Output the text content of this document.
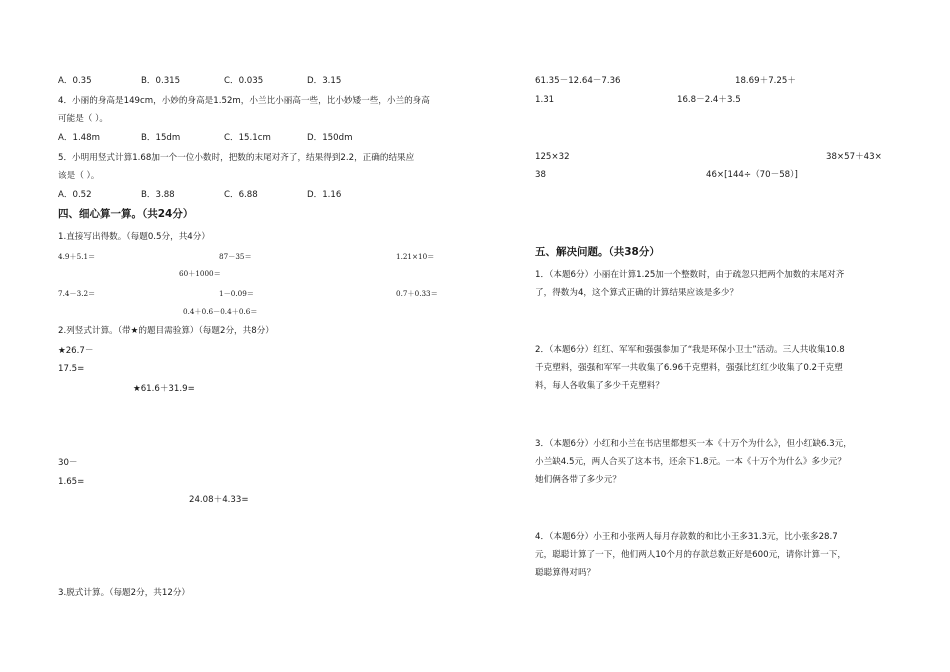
A．0.35	B．0.315	C．0.035	D．3.15
4．小丽的身高是149cm，小妙的身高是1.52m，小兰比小丽高一些，比小妙矮一些，小兰的身高
可能是（ ）。
A．1.48m	B．15dm	C．15.1cm	D．150dm
5．小明用竖式计算1.68加一个一位小数时，把数的末尾对齐了，结果得到2.2，正确的结果应
该是（ ）。
A．0.52	B．3.88	C．6.88	D．1.16
四、细心算一算。（共24分）
1.直接写出得数。（每题0.5分，共4分）
4.9＋5.1＝	87－35＝	1.21×10＝
60＋1000＝
7.4－3.2＝	1－0.09＝	0.7＋0.33＝
0.4＋0.6－0.4＋0.6＝
2.列竖式计算。（带★的题目需验算）（每题2分，共8分）
★26.7－
17.5=
★61.6＋31.9=
30－
1.65=
24.08＋4.33=
3.脱式计算。（每题2分，共12分）
61.35－12.64－7.36	18.69＋7.25＋
1.31	16.8－2.4＋3.5
125×32	38×57＋43×
38	46×[144÷（70－58）]
五、解决问题。（共38分）
1．（本题6分）小丽在计算1.25加一个整数时，由于疏忽只把两个加数的末尾对齐
了，得数为4，这个算式正确的计算结果应该是多少？
2．（本题6分）红红、军军和强强参加了“我是环保小卫士”活动。三人共收集10.8
千克塑料，强强和军军一共收集了6.96千克塑料，强强比红红少收集了0.2千克塑
料，每人各收集了多少千克塑料？
3．（本题6分）小红和小兰在书店里都想买一本《十万个为什么》，但小红缺6.3元，
小兰缺4.5元，两人合买了这本书，还余下1.8元。一本《十万个为什么》多少元？
她们俩各带了多少元？
4．（本题6分）小王和小张两人每月存款数的和比小王多31.3元，比小张多28.7
元，聪聪计算了一下，他们两人10个月的存款总数正好是600元，请你计算一下，
聪聪算得对吗？
